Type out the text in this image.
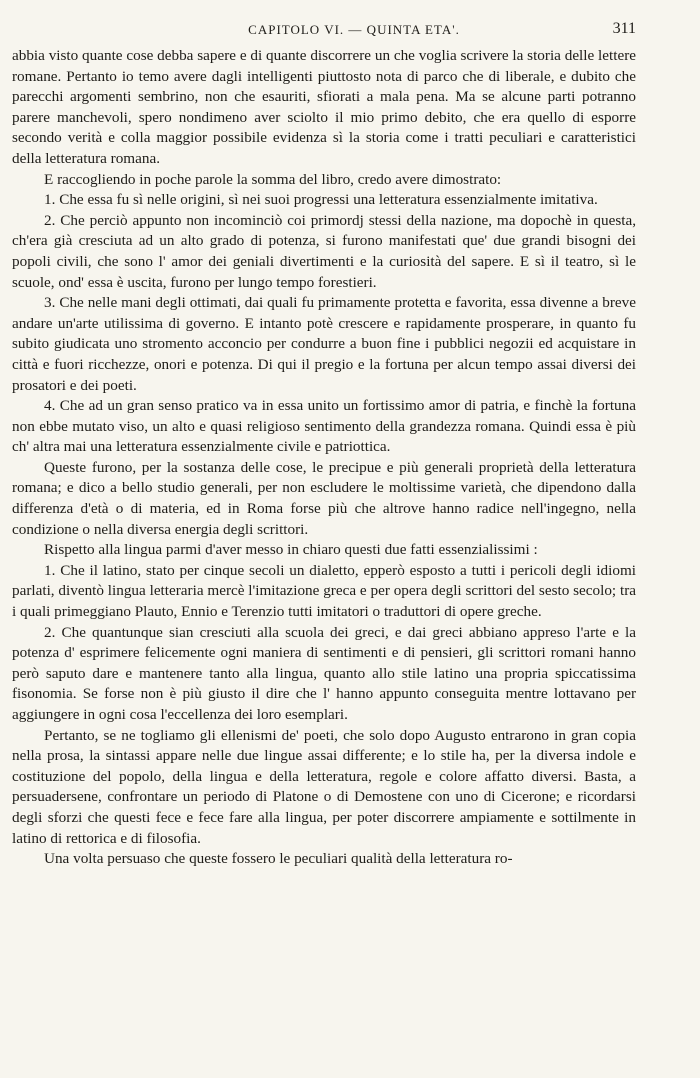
CAPITOLO VI. — QUINTA ETA'.	311

abbia visto quante cose debba sapere e di quante discorrere un che voglia scrivere la storia delle lettere romane. Pertanto io temo avere dagli intelligenti piuttosto nota di parco che di liberale, e dubito che parecchi argomenti sembrino, non che esauriti, sfiorati a mala pena. Ma se alcune parti potranno parere manchevoli, spero nondimeno aver sciolto il mio primo debito, che era quello di esporre secondo verità e colla maggior possibile evidenza sì la storia come i tratti peculiari e caratteristici della letteratura romana.

E raccogliendo in poche parole la somma del libro, credo avere dimostrato:

1. Che essa fu sì nelle origini, sì nei suoi progressi una letteratura essenzialmente imitativa.

2. Che perciò appunto non incominciò coi primordj stessi della nazione, ma dopochè in questa, ch'era già cresciuta ad un alto grado di potenza, si furono manifestati que' due grandi bisogni dei popoli civili, che sono l' amor dei geniali divertimenti e la curiosità del sapere. E sì il teatro, sì le scuole, ond' essa è uscita, furono per lungo tempo forestieri.

3. Che nelle mani degli ottimati, dai quali fu primamente protetta e favorita, essa divenne a breve andare un'arte utilissima di governo. E intanto potè crescere e rapidamente prosperare, in quanto fu subito giudicata uno stromento acconcio per condurre a buon fine i pubblici negozii ed acquistare in città e fuori ricchezze, onori e potenza. Di qui il pregio e la fortuna per alcun tempo assai diversi dei prosatori e dei poeti.

4. Che ad un gran senso pratico va in essa unito un fortissimo amor di patria, e finchè la fortuna non ebbe mutato viso, un alto e quasi religioso sentimento della grandezza romana. Quindi essa è più ch' altra mai una letteratura essenzialmente civile e patriottica.

Queste furono, per la sostanza delle cose, le precipue e più generali proprietà della letteratura romana; e dico a bello studio generali, per non escludere le moltissime varietà, che dipendono dalla differenza d'età o di materia, ed in Roma forse più che altrove hanno radice nell'ingegno, nella condizione o nella diversa energia degli scrittori.

Rispetto alla lingua parmi d'aver messo in chiaro questi due fatti essenzialissimi :

1. Che il latino, stato per cinque secoli un dialetto, epperò esposto a tutti i pericoli degli idiomi parlati, diventò lingua letteraria mercè l'imitazione greca e per opera degli scrittori del sesto secolo; tra i quali primeggiano Plauto, Ennio e Terenzio tutti imitatori o traduttori di opere greche.

2. Che quantunque sian cresciuti alla scuola dei greci, e dai greci abbiano appreso l'arte e la potenza d' esprimere felicemente ogni maniera di sentimenti e di pensieri, gli scrittori romani hanno però saputo dare e mantenere tanto alla lingua, quanto allo stile latino una propria spiccatissima fisonomia. Se forse non è più giusto il dire che l' hanno appunto conseguita mentre lottavano per aggiungere in ogni cosa l'eccellenza dei loro esemplari.

Pertanto, se ne togliamo gli ellenismi de' poeti, che solo dopo Augusto entrarono in gran copia nella prosa, la sintassi appare nelle due lingue assai differente; e lo stile ha, per la diversa indole e costituzione del popolo, della lingua e della letteratura, regole e colore affatto diversi. Basta, a persuadersene, confrontare un periodo di Platone o di Demostene con uno di Cicerone; e ricordarsi degli sforzi che questi fece e fece fare alla lingua, per poter discorrere ampiamente e sottilmente in latino di rettorica e di filosofia.

Una volta persuaso che queste fossero le peculiari qualità della letteratura ro-
